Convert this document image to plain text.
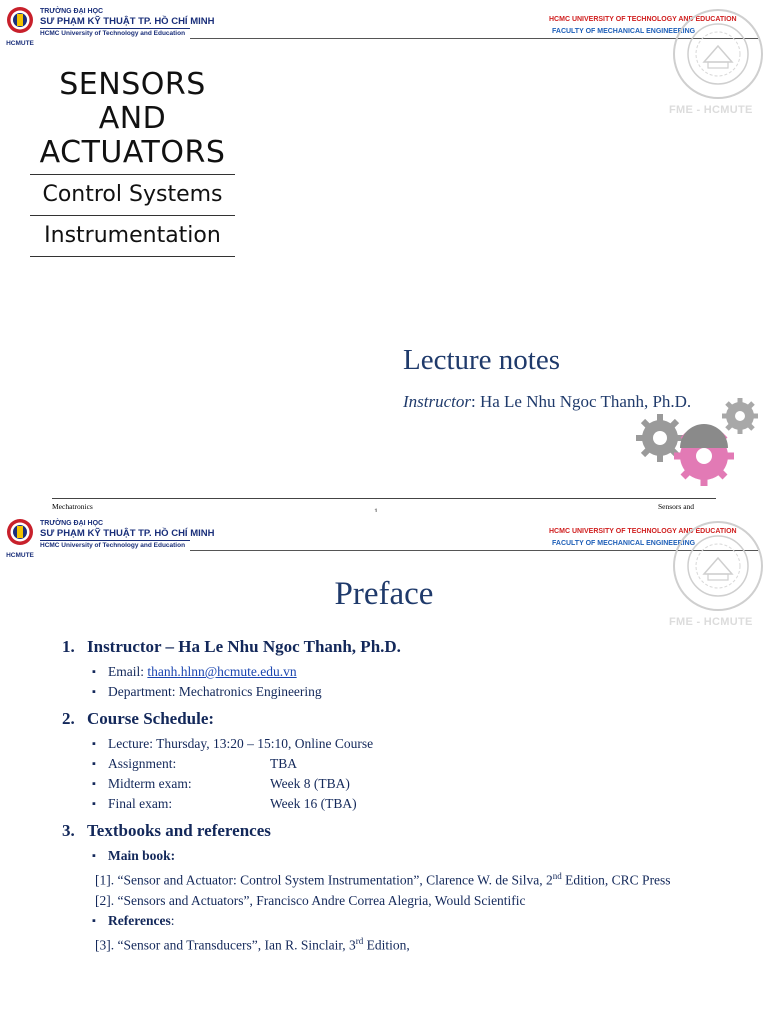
HCMUTE
TRƯỜNG ĐẠI HỌC
SƯ PHẠM KỸ THUẬT TP. HỒ CHÍ MINH
HCMC University of Technology and Education
HCMC UNIVERSITY OF TECHNOLOGY AND EDUCATION
FACULTY OF MECHANICAL ENGINEERING
FME - HCMUTE
SENSORS
AND
ACTUATORS
Control Systems
Instrumentation
Lecture notes
Instructor: Ha Le Nhu Ngoc Thanh, Ph.D.
Mechatronics	Sensors and
HCMUTE
TRƯỜNG ĐẠI HỌC
SƯ PHẠM KỸ THUẬT TP. HỒ CHÍ MINH
HCMC University of Technology and Education
HCMC UNIVERSITY OF TECHNOLOGY AND EDUCATION
FACULTY OF MECHANICAL ENGINEERING
FME - HCMUTE
Preface

1. Instructor – Ha Le Nhu Ngoc Thanh, Ph.D.

▪ Email: thanh.hlnn@hcmute.edu.vn
▪ Department: Mechatronics Engineering

2. Course Schedule:

▪ Lecture: Thursday, 13:20 – 15:10, Online Course
▪ Assignment:	TBA
▪ Midterm exam:	Week 8 (TBA)
▪ Final exam:	Week 16 (TBA)

3. Textbooks and references

▪ Main book:
[1]. “Sensor and Actuator: Control System Instrumentation”, Clarence W. de Silva, 2nd Edition, CRC Press
[2]. “Sensors and Actuators”, Francisco Andre Correa Alegria, Would Scientific
▪ References:
[3]. “Sensor and Transducers”, Ian R. Sinclair, 3rd Edition,
